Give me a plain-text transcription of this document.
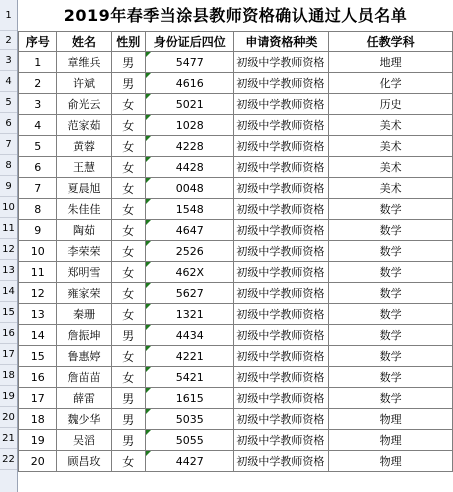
1
2
3
4
5
6
7
8
9
10
11
12
13
14
15
16
17
18
19
20
21
22
2019年春季当涂县教师资格确认通过人员名单
序号	姓名	性别	身份证后四位	申请资格种类	任教学科
1	章维兵	男	5477	初级中学教师资格	地理
2	许斌	男	4616	初级中学教师资格	化学
3	俞光云	女	5021	初级中学教师资格	历史
4	范家茹	女	1028	初级中学教师资格	美术
5	黄蓉	女	4228	初级中学教师资格	美术
6	王慧	女	4428	初级中学教师资格	美术
7	夏晨旭	女	0048	初级中学教师资格	美术
8	朱佳佳	女	1548	初级中学教师资格	数学
9	陶茹	女	4647	初级中学教师资格	数学
10	李荣荣	女	2526	初级中学教师资格	数学
11	郑明雪	女	462X	初级中学教师资格	数学
12	雍家荣	女	5627	初级中学教师资格	数学
13	秦珊	女	1321	初级中学教师资格	数学
14	詹振坤	男	4434	初级中学教师资格	数学
15	鲁惠婷	女	4221	初级中学教师资格	数学
16	詹苗苗	女	5421	初级中学教师资格	数学
17	薛雷	男	1615	初级中学教师资格	数学
18	魏少华	男	5035	初级中学教师资格	物理
19	吴滔	男	5055	初级中学教师资格	物理
20	顾昌玫	女	4427	初级中学教师资格	物理
